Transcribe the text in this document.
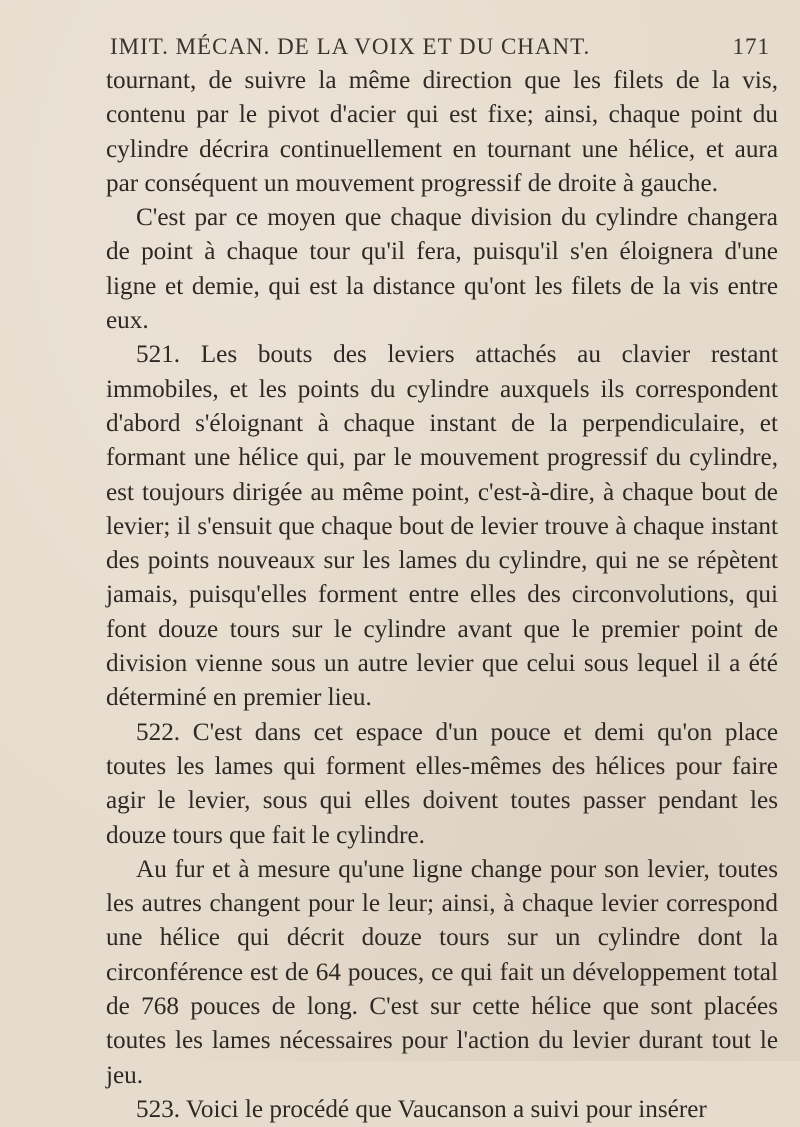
IMIT. MÉCAN. DE LA VOIX ET DU CHANT.	171

tournant, de suivre la même direction que les filets de la vis, contenu par le pivot d'acier qui est fixe; ainsi, chaque point du cylindre décrira continuellement en tournant une hélice, et aura par conséquent un mouvement progressif de droite à gauche.

C'est par ce moyen que chaque division du cylindre changera de point à chaque tour qu'il fera, puisqu'il s'en éloignera d'une ligne et demie, qui est la distance qu'ont les filets de la vis entre eux.

521. Les bouts des leviers attachés au clavier restant immobiles, et les points du cylindre auxquels ils correspondent d'abord s'éloignant à chaque instant de la perpendiculaire, et formant une hélice qui, par le mouvement progressif du cylindre, est toujours dirigée au même point, c'est-à-dire, à chaque bout de levier; il s'ensuit que chaque bout de levier trouve à chaque instant des points nouveaux sur les lames du cylindre, qui ne se répètent jamais, puisqu'elles forment entre elles des circonvolutions, qui font douze tours sur le cylindre avant que le premier point de division vienne sous un autre levier que celui sous lequel il a été déterminé en premier lieu.

522. C'est dans cet espace d'un pouce et demi qu'on place toutes les lames qui forment elles-mêmes des hélices pour faire agir le levier, sous qui elles doivent toutes passer pendant les douze tours que fait le cylindre.

Au fur et à mesure qu'une ligne change pour son levier, toutes les autres changent pour le leur; ainsi, à chaque levier correspond une hélice qui décrit douze tours sur un cylindre dont la circonférence est de 64 pouces, ce qui fait un développement total de 768 pouces de long. C'est sur cette hélice que sont placées toutes les lames nécessaires pour l'action du levier durant tout le jeu.

523. Voici le procédé que Vaucanson a suivi pour insérer
